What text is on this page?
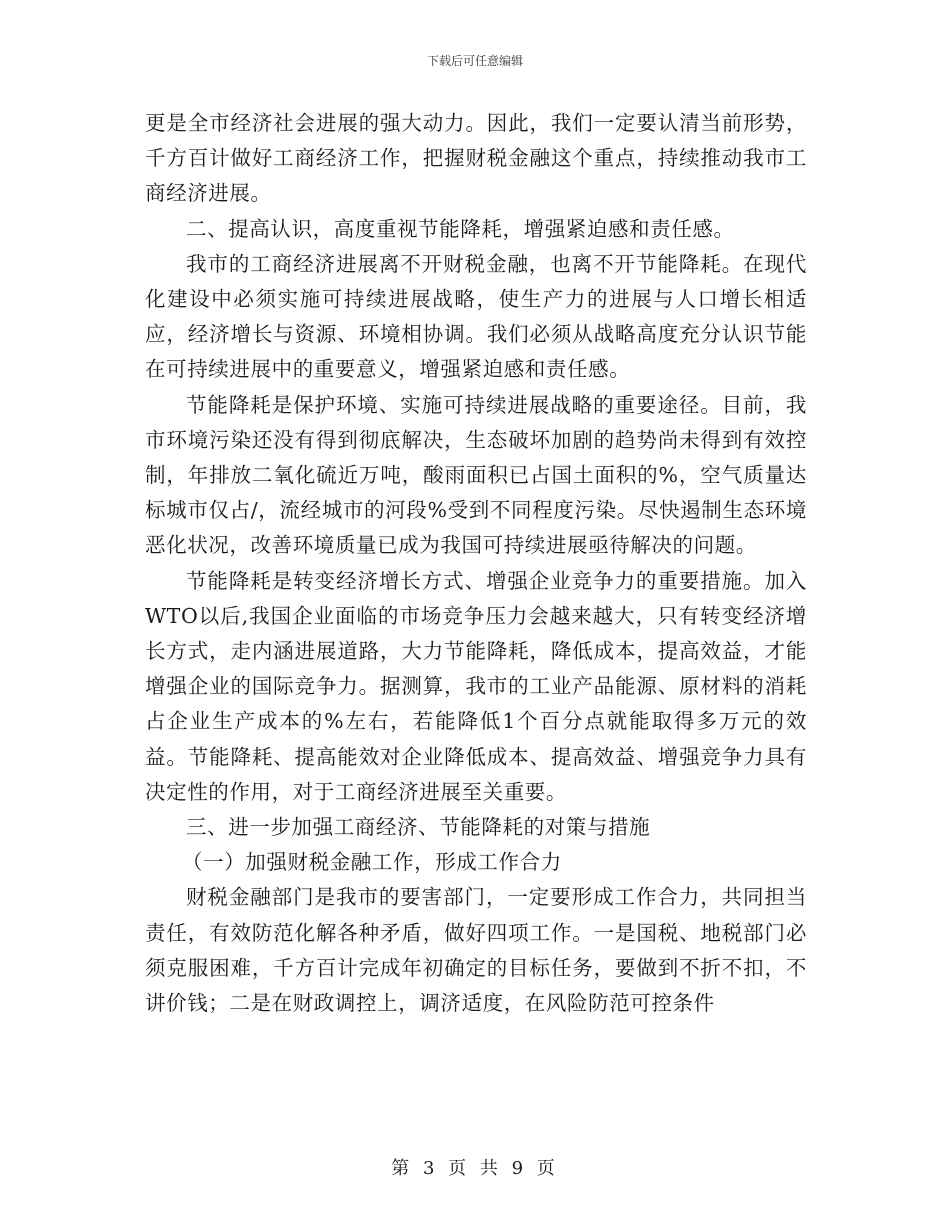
下载后可任意编辑

更是全市经济社会进展的强大动力。因此，我们一定要认清当前形势，千方百计做好工商经济工作，把握财税金融这个重点，持续推动我市工商经济进展。

二、提高认识，高度重视节能降耗，增强紧迫感和责任感。

我市的工商经济进展离不开财税金融，也离不开节能降耗。在现代化建设中必须实施可持续进展战略，使生产力的进展与人口增长相适应，经济增长与资源、环境相协调。我们必须从战略高度充分认识节能在可持续进展中的重要意义，增强紧迫感和责任感。

节能降耗是保护环境、实施可持续进展战略的重要途径。目前，我市环境污染还没有得到彻底解决，生态破坏加剧的趋势尚未得到有效控制，年排放二氧化硫近万吨，酸雨面积已占国土面积的%，空气质量达标城市仅占/，流经城市的河段%受到不同程度污染。尽快遏制生态环境恶化状况，改善环境质量已成为我国可持续进展亟待解决的问题。

节能降耗是转变经济增长方式、增强企业竞争力的重要措施。加入WTO以后,我国企业面临的市场竞争压力会越来越大，只有转变经济增长方式，走内涵进展道路，大力节能降耗，降低成本，提高效益，才能增强企业的国际竞争力。据测算，我市的工业产品能源、原材料的消耗占企业生产成本的%左右，若能降低1个百分点就能取得多万元的效益。节能降耗、提高能效对企业降低成本、提高效益、增强竞争力具有决定性的作用，对于工商经济进展至关重要。

三、进一步加强工商经济、节能降耗的对策与措施

（一）加强财税金融工作，形成工作合力

财税金融部门是我市的要害部门，一定要形成工作合力，共同担当责任，有效防范化解各种矛盾，做好四项工作。一是国税、地税部门必须克服困难，千方百计完成年初确定的目标任务，要做到不折不扣，不讲价钱；二是在财政调控上，调济适度，在风险防范可控条件

第 3 页 共 9 页
